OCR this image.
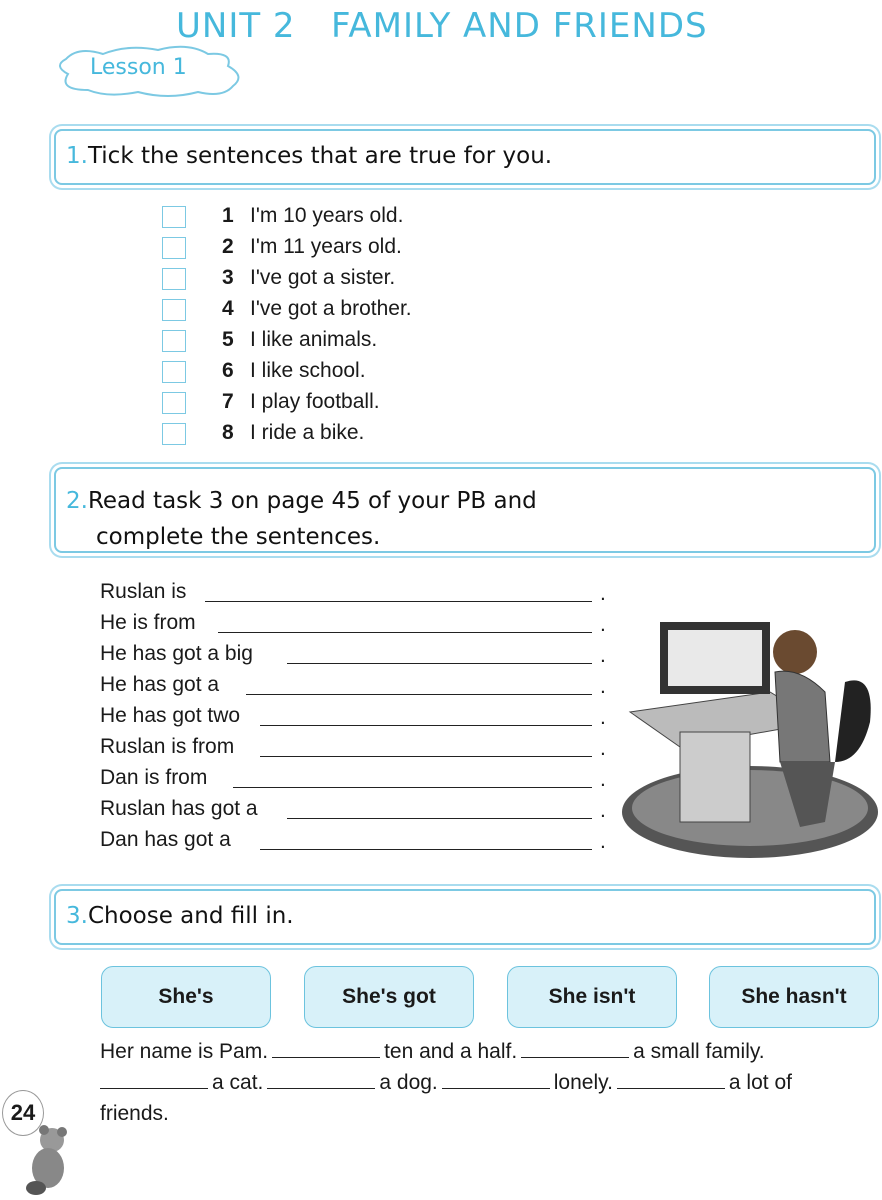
UNIT 2   FAMILY AND FRIENDS
Lesson 1
1.Tick the sentences that are true for you.
1 I'm 10 years old.
2 I'm 11 years old.
3 I've got a sister.
4 I've got a brother.
5 I like animals.
6 I like school.
7 I play football.
8 I ride a bike.
2.Read task 3 on page 45 of your PB and
complete the sentences.
Ruslan is	.
He is from	.
He has got a big	.
He has got a	.
He has got two	.
Ruslan is from	.
Dan is from	.
Ruslan has got a	.
Dan has got a	.
3.Choose and fill in.
She's	She's got	She isn't	She hasn't
Her name is Pam.	ten and a half.	a small family.
a cat.	a dog.	lonely.	a lot of
friends.
24
